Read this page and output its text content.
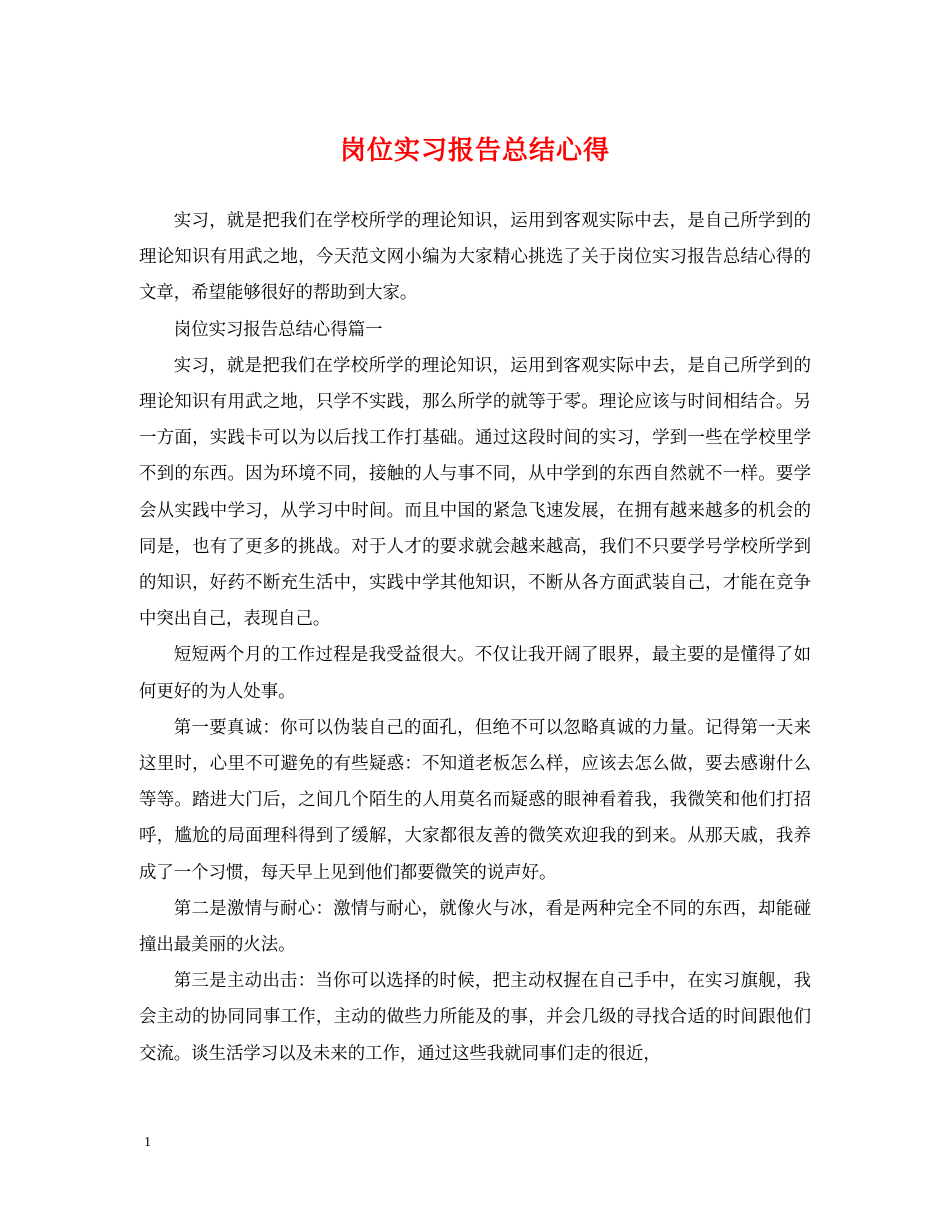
岗位实习报告总结心得

实习，就是把我们在学校所学的理论知识，运用到客观实际中去，是自己所学到的理论知识有用武之地，今天范文网小编为大家精心挑选了关于岗位实习报告总结心得的文章，希望能够很好的帮助到大家。

岗位实习报告总结心得篇一

实习，就是把我们在学校所学的理论知识，运用到客观实际中去，是自己所学到的理论知识有用武之地，只学不实践，那么所学的就等于零。理论应该与时间相结合。另一方面，实践卡可以为以后找工作打基础。通过这段时间的实习，学到一些在学校里学不到的东西。因为环境不同，接触的人与事不同，从中学到的东西自然就不一样。要学会从实践中学习，从学习中时间。而且中国的紧急飞速发展，在拥有越来越多的机会的同是，也有了更多的挑战。对于人才的要求就会越来越高，我们不只要学号学校所学到的知识，好药不断充生活中，实践中学其他知识，不断从各方面武装自己，才能在竞争中突出自己，表现自己。

短短两个月的工作过程是我受益很大。不仅让我开阔了眼界，最主要的是懂得了如何更好的为人处事。

第一要真诚：你可以伪装自己的面孔，但绝不可以忽略真诚的力量。记得第一天来这里时，心里不可避免的有些疑惑：不知道老板怎么样，应该去怎么做，要去感谢什么等等。踏进大门后，之间几个陌生的人用莫名而疑惑的眼神看着我，我微笑和他们打招呼，尴尬的局面理科得到了缓解，大家都很友善的微笑欢迎我的到来。从那天戚，我养成了一个习惯，每天早上见到他们都要微笑的说声好。

第二是激情与耐心：激情与耐心，就像火与冰，看是两种完全不同的东西，却能碰撞出最美丽的火法。

第三是主动出击：当你可以选择的时候，把主动权握在自己手中，在实习旗舰，我会主动的协同同事工作，主动的做些力所能及的事，并会几级的寻找合适的时间跟他们交流。谈生活学习以及未来的工作，通过这些我就同事们走的很近，

1
